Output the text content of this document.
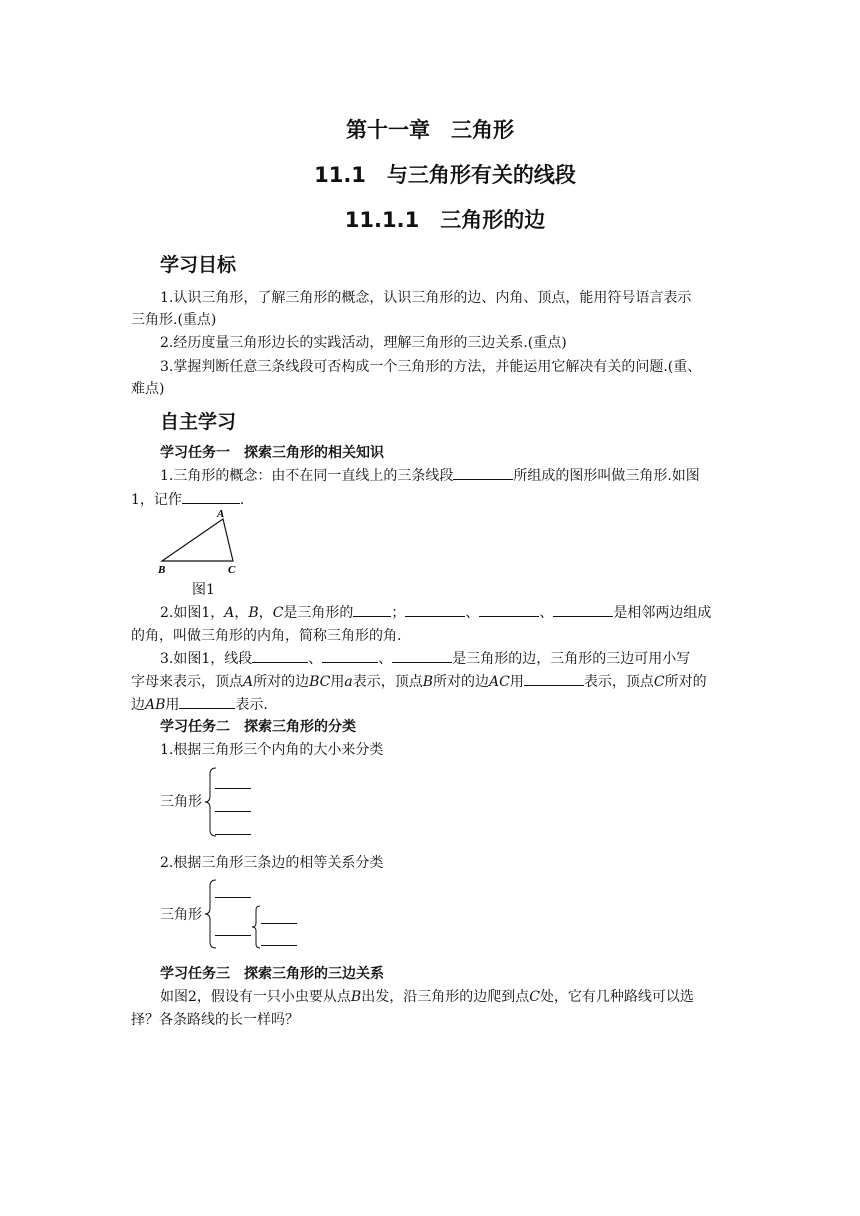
第十一章　三角形
11.1　与三角形有关的线段
11.1.1　三角形的边
学习目标
1.认识三角形，了解三角形的概念，认识三角形的边、内角、顶点，能用符号语言表示
三角形.(重点)
2.经历度量三角形边长的实践活动，理解三角形的三边关系.(重点)
3.掌握判断任意三条线段可否构成一个三角形的方法，并能运用它解决有关的问题.(重、
难点)
自主学习
学习任务一　探索三角形的相关知识
1.三角形的概念：由不在同一直线上的三条线段	所组成的图形叫做三角形.如图
1，记作	.
A
B	C
图1
2.如图1，A，B，C是三角形的	；	、	、	是相邻两边组成
的角，叫做三角形的内角，简称三角形的角.
3.如图1，线段	、	、	是三角形的边，三角形的三边可用小写
字母来表示，顶点A所对的边BC用a表示，顶点B所对的边AC用	表示，顶点C所对的
边AB用	表示.
学习任务二　探索三角形的分类
1.根据三角形三个内角的大小来分类
三角形
2.根据三角形三条边的相等关系分类
三角形
学习任务三　探索三角形的三边关系
如图2，假设有一只小虫要从点B出发，沿三角形的边爬到点C处，它有几种路线可以选
择？各条路线的长一样吗？
